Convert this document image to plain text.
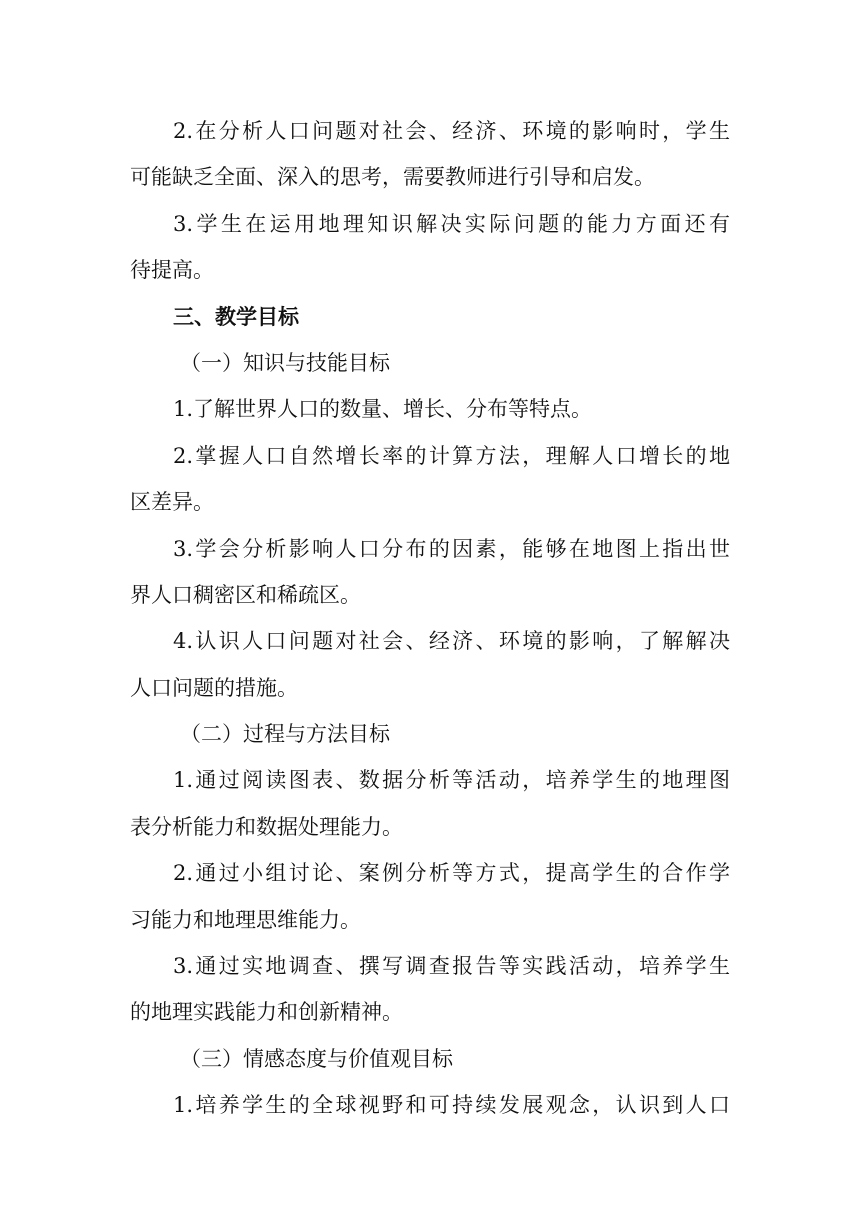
2.在分析人口问题对社会、经济、环境的影响时，学生
可能缺乏全面、深入的思考，需要教师进行引导和启发。
3.学生在运用地理知识解决实际问题的能力方面还有
待提高。
三、教学目标
（一）知识与技能目标
1.了解世界人口的数量、增长、分布等特点。
2.掌握人口自然增长率的计算方法，理解人口增长的地
区差异。
3.学会分析影响人口分布的因素，能够在地图上指出世
界人口稠密区和稀疏区。
4.认识人口问题对社会、经济、环境的影响，了解解决
人口问题的措施。
（二）过程与方法目标
1.通过阅读图表、数据分析等活动，培养学生的地理图
表分析能力和数据处理能力。
2.通过小组讨论、案例分析等方式，提高学生的合作学
习能力和地理思维能力。
3.通过实地调查、撰写调查报告等实践活动，培养学生
的地理实践能力和创新精神。
（三）情感态度与价值观目标
1.培养学生的全球视野和可持续发展观念，认识到人口
